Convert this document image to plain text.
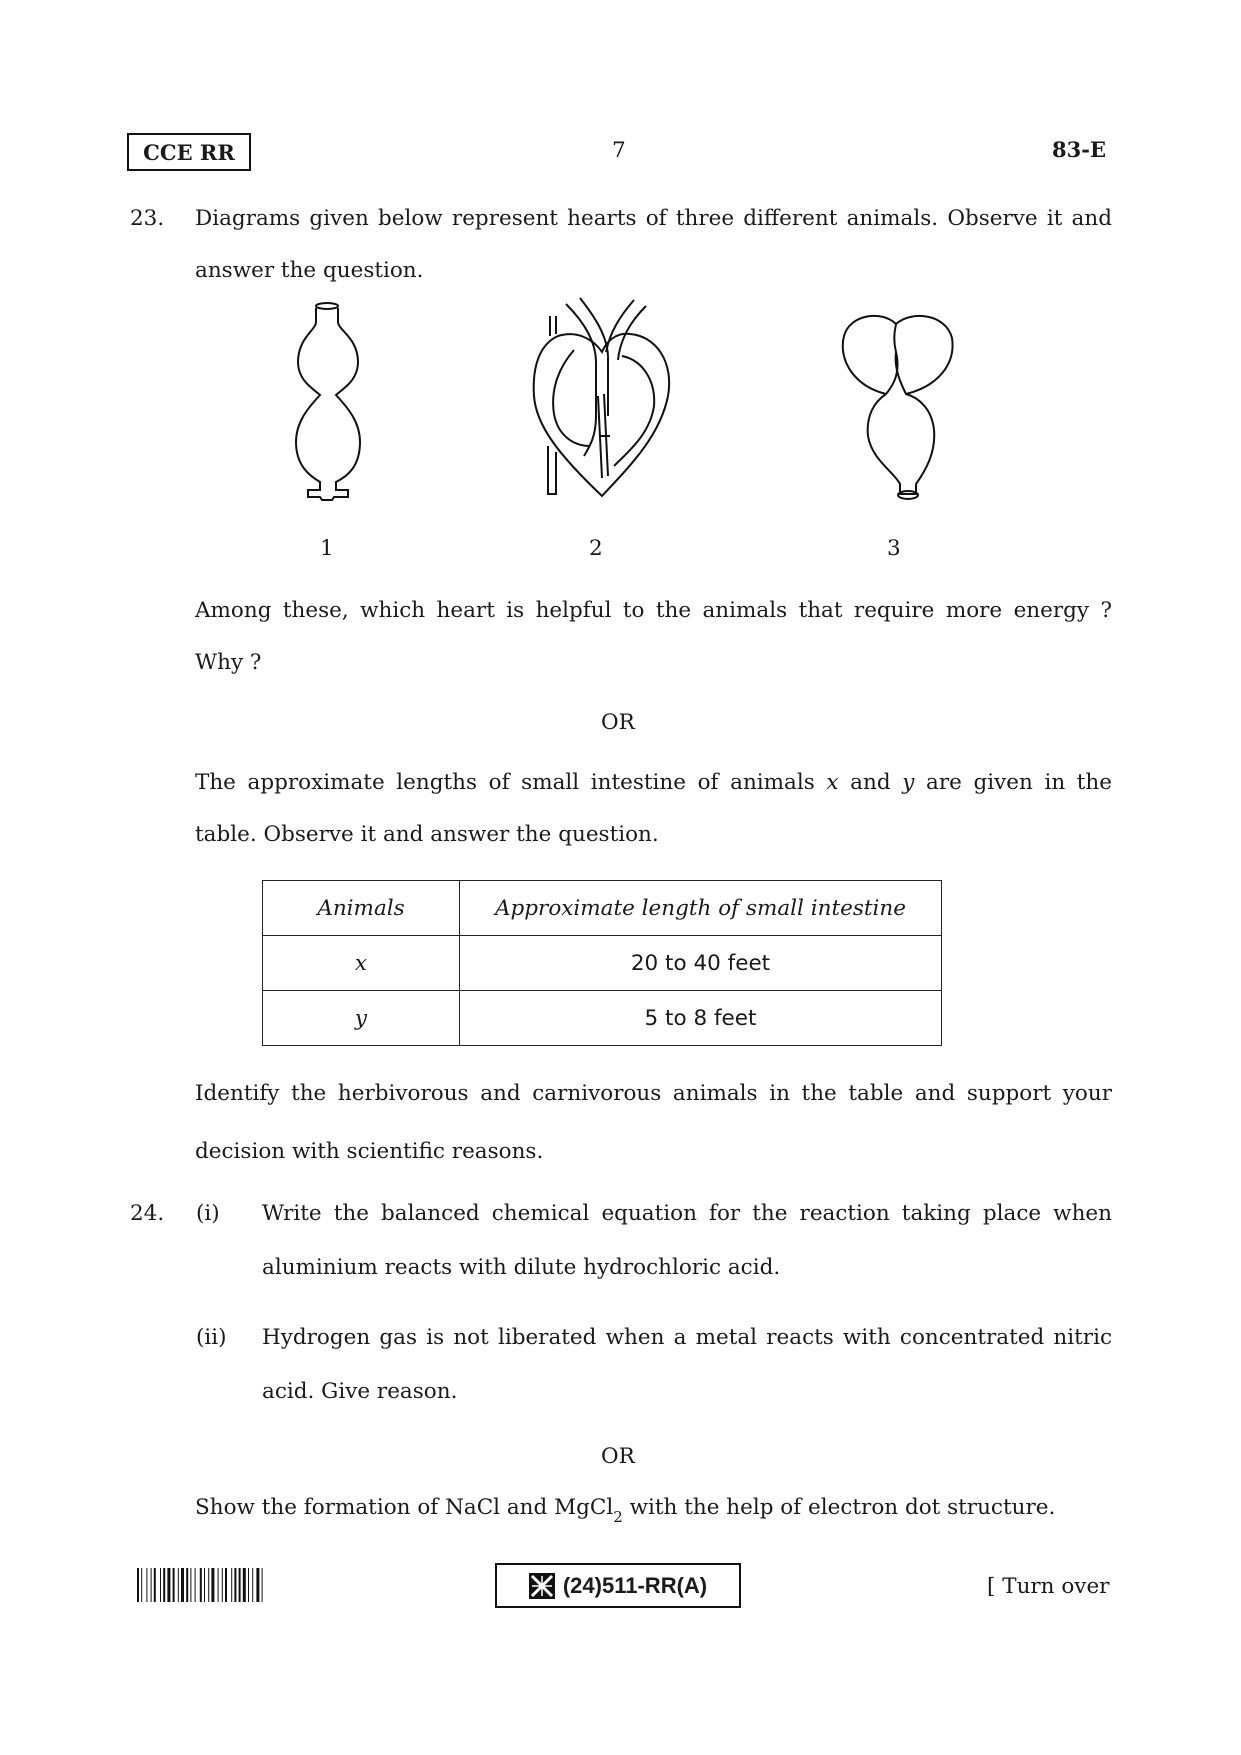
CCE RR	7	83-E
23. Diagrams given below represent hearts of three different animals. Observe it and
answer the question.
1	2	3
Among these, which heart is helpful to the animals that require more energy ?
Why ?
OR
The approximate lengths of small intestine of animals x and y are given in the
table. Observe it and answer the question.
Animals	Approximate length of small intestine
x	20 to 40 feet
y	5 to 8 feet
Identify the herbivorous and carnivorous animals in the table and support your
decision with scientific reasons.
24. (i) Write the balanced chemical equation for the reaction taking place when
aluminium reacts with dilute hydrochloric acid.
(ii) Hydrogen gas is not liberated when a metal reacts with concentrated nitric
acid. Give reason.
OR
Show the formation of NaCl and MgCl$_2$ with the help of electron dot structure.
(24)511-RR(A)	[ Turn over
